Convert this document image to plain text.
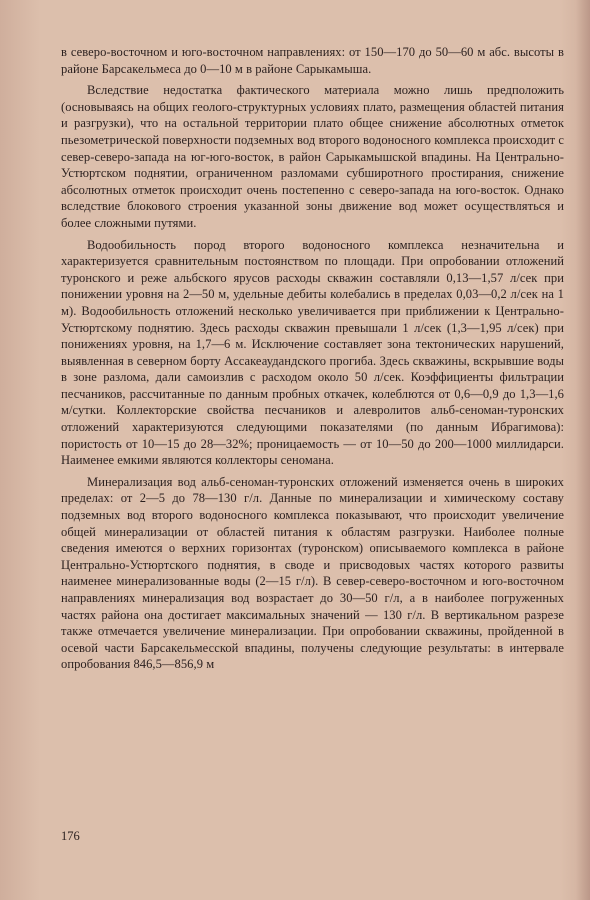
в северо-восточном и юго-восточном направлениях: от 150—170 до 50—60 м абс. высоты в районе Барсакельмеса до 0—10 м в районе Сарыкамыша.

Вследствие недостатка фактического материала можно лишь предположить (основываясь на общих геолого-структурных условиях плато, размещения областей питания и разгрузки), что на остальной территории плато общее снижение абсолютных отметок пьезометрической поверхности подземных вод второго водоносного комплекса происходит с север-северо-запада на юг-юго-восток, в район Сарыкамышской впадины. На Центрально-Устюртском поднятии, ограниченном разломами субширотного простирания, снижение абсолютных отметок происходит очень постепенно с северо-запада на юго-восток. Однако вследствие блокового строения указанной зоны движение вод может осуществляться и более сложными путями.

Водообильность пород второго водоносного комплекса незначительна и характеризуется сравнительным постоянством по площади. При опробовании отложений туронского и реже альбского ярусов расходы скважин составляли 0,13—1,57 л/сек при понижении уровня на 2—50 м, удельные дебиты колебались в пределах 0,03—0,2 л/сек на 1 м). Водообильность отложений несколько увеличивается при приближении к Центрально-Устюртскому поднятию. Здесь расходы скважин превышали 1 л/сек (1,3—1,95 л/сек) при понижениях уровня, на 1,7—6 м. Исключение составляет зона тектонических нарушений, выявленная в северном борту Ассакеаудандского прогиба. Здесь скважины, вскрывшие воды в зоне разлома, дали самоизлив с расходом около 50 л/сек. Коэффициенты фильтрации песчаников, рассчитанные по данным пробных откачек, колеблются от 0,6—0,9 до 1,3—1,6 м/сутки. Коллекторские свойства песчаников и алевролитов альб-сеноман-туронских отложений характеризуются следующими показателями (по данным Ибрагимова): пористость от 10—15 до 28—32%; проницаемость — от 10—50 до 200—1000 миллидарси. Наименее емкими являются коллекторы сеномана.

Минерализация вод альб-сеноман-туронских отложений изменяется очень в широких пределах: от 2—5 до 78—130 г/л. Данные по минерализации и химическому составу подземных вод второго водоносного комплекса показывают, что происходит увеличение общей минерализации от областей питания к областям разгрузки. Наиболее полные сведения имеются о верхних горизонтах (туронском) описываемого комплекса в районе Центрально-Устюртского поднятия, в своде и присводовых частях которого развиты наименее минерализованные воды (2—15 г/л). В север-северо-восточном и юго-восточном направлениях минерализация вод возрастает до 30—50 г/л, а в наиболее погруженных частях района она достигает максимальных значений — 130 г/л. В вертикальном разрезе также отмечается увеличение минерализации. При опробовании скважины, пройденной в осевой части Барсакельмесской впадины, получены следующие результаты: в интервале опробования 846,5—856,9 м

176
